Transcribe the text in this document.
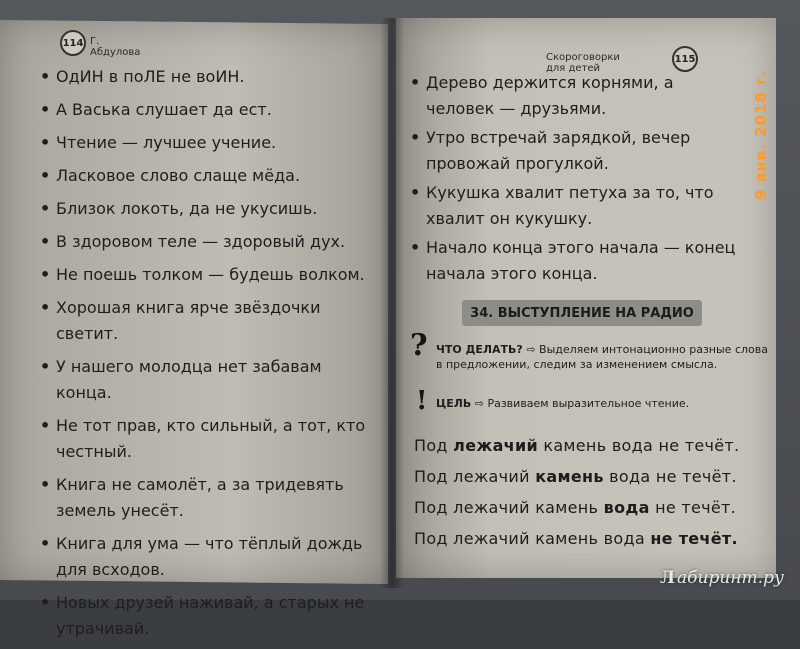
114 Г. Абдулова	Скороговорки для детей
115
• ОдИН в поЛЕ не воИН.
• А Васька слушает да ест.
• Чтение — лучшее учение.
• Ласковое слово слаще мёда.
• Близок локоть, да не укусишь.
• В здоровом теле — здоровый дух.
• Не поешь толком — будешь волком.
• Хорошая книга ярче звёздочки светит.
• У нашего молодца нет забавам конца.
• Не тот прав, кто сильный, а тот, кто честный.
• Книга не самолёт, а за тридевять земель унесёт.
• Книга для ума — что тёплый дождь для всходов.
• Новых друзей наживай, а старых не утрачивай.
• Дерево держится корнями, а человек — друзьями.
• Утро встречай зарядкой, вечер провожай прогулкой.
• Кукушка хвалит петуха за то, что хвалит он кукушку.
• Начало конца этого начала — конец начала этого конца.
34. ВЫСТУПЛЕНИЕ НА РАДИО
? ЧТО ДЕЛАТЬ? ⇨ Выделяем интонационно разные слова в предложении, следим за изменением смысла.
! ЦЕЛЬ ⇨ Развиваем выразительное чтение.
Под лежачий камень вода не течёт.
Под лежачий камень вода не течёт.
Под лежачий камень вода не течёт.
Под лежачий камень вода не течёт.
9 янв. 2018 г.
Л абиринт.ру
